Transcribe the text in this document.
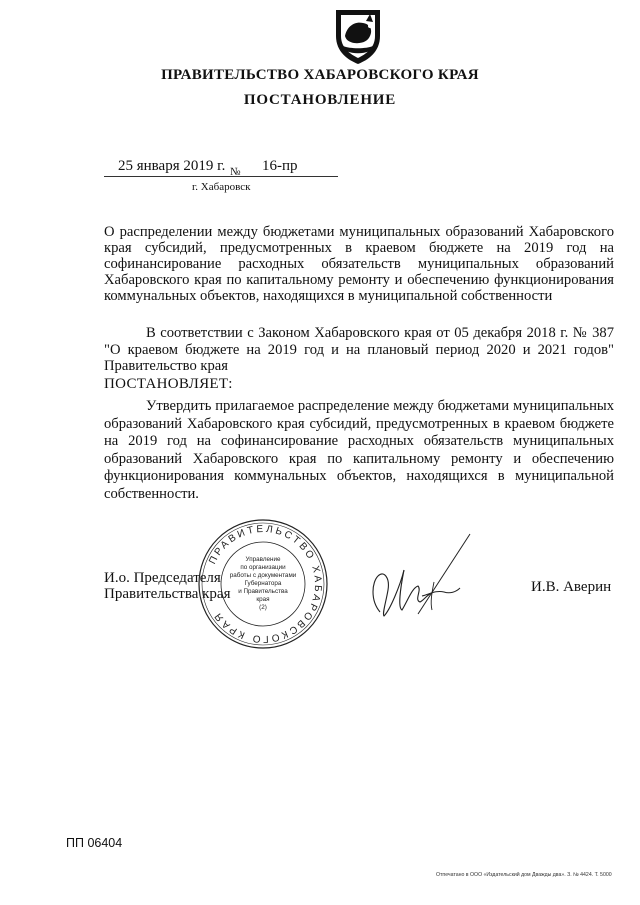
ПРАВИТЕЛЬСТВО ХАБАРОВСКОГО КРАЯ
ПОСТАНОВЛЕНИЕ
25 января 2019 г. № 16-пр
г. Хабаровск
О распределении между бюджетами муниципальных образований Хабаровского края субсидий, предусмотренных в краевом бюджете на 2019 год на софинансирование расходных обязательств муниципальных образований Хабаровского края по капитальному ремонту и обеспечению функционирования коммунальных объектов, находящихся в муниципальной собственности
В соответствии с Законом Хабаровского края от 05 декабря 2018 г. № 387 "О краевом бюджете на 2019 год и на плановый период 2020 и 2021 годов" Правительство края
ПОСТАНОВЛЯЕТ:
Утвердить прилагаемое распределение между бюджетами муниципальных образований Хабаровского края субсидий, предусмотренных в краевом бюджете на 2019 год на софинансирование расходных обязательств муниципальных образований Хабаровского края по капитальному ремонту и обеспечению функционирования коммунальных объектов, находящихся в муниципальной собственности.
И.о. Председателя
Правительства края
ПРАВИТЕЛЬСТВО ХАБАРОВСКОГО КРАЯ
Управление
по организации
работы с документами
Губернатора
и Правительства
края
(2)
И.В. Аверин
ПП 06404
Отпечатано в ООО «Издательский дом Дважды два». З. № 4424. Т. 5000
